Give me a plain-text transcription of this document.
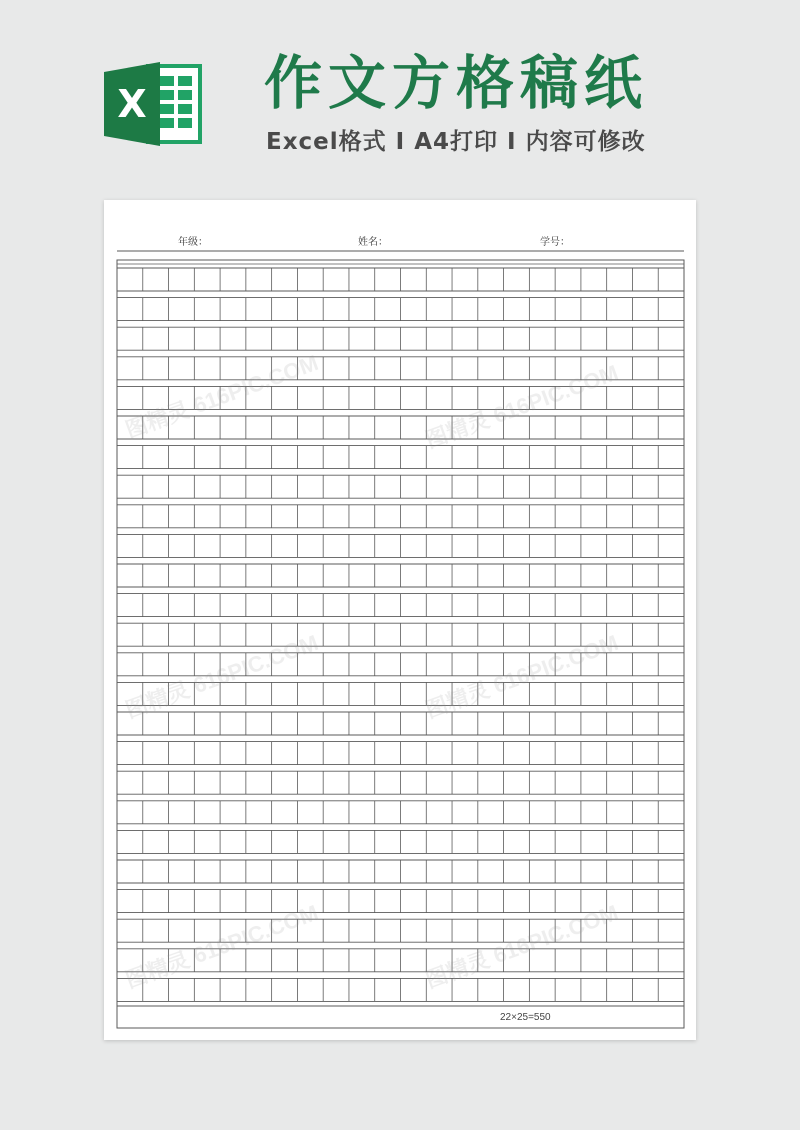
X 作文方格稿纸
Excel格式 I A4打印 I 内容可修改
年级：	姓名：	学号：
22×25=550
